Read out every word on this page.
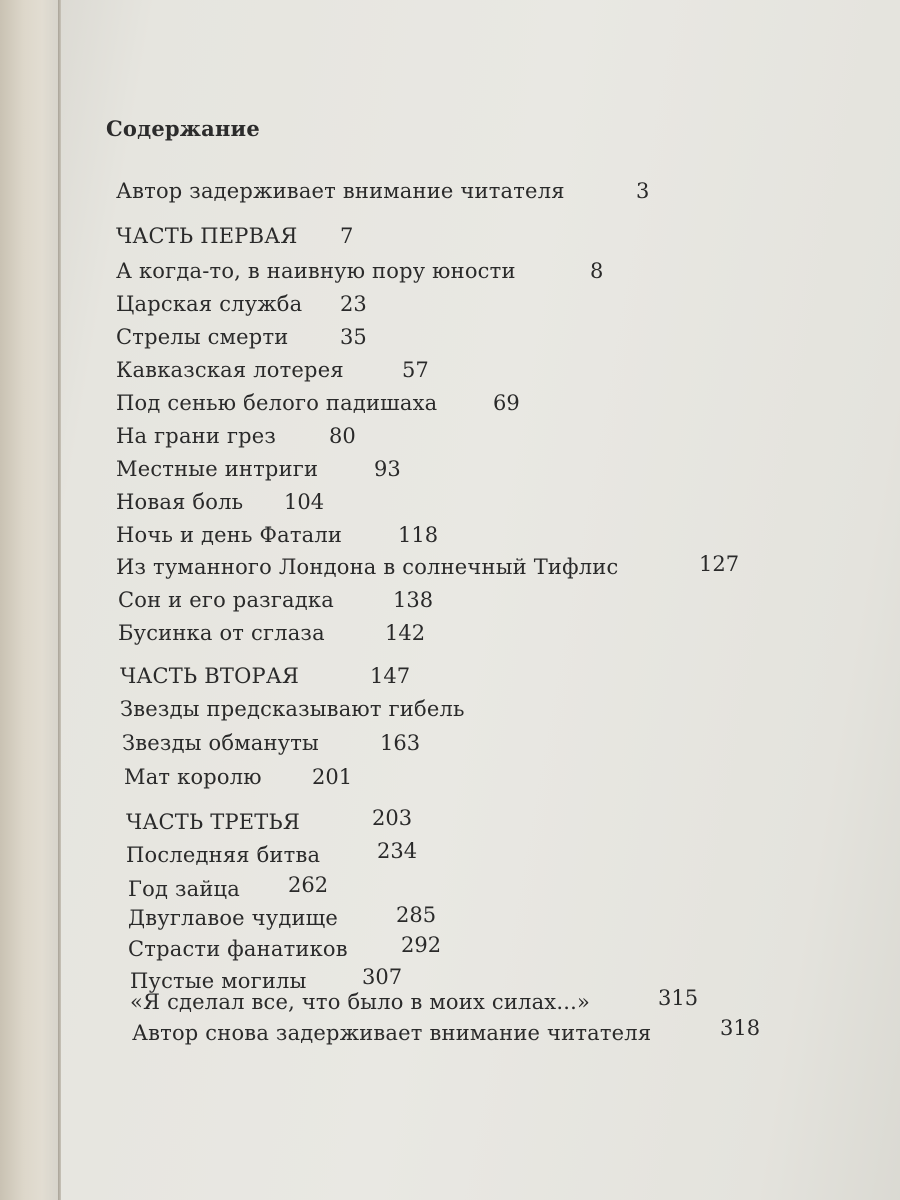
Содержание
Автор задерживает внимание читателя	3
ЧАСТЬ ПЕРВАЯ 7
А когда-то, в наивную пору юности	8
Царская служба 23
Стрелы смерти 35
Кавказская лотерея	57
Под сенью белого падишаха	69
На грани грез	80
Местные интриги	93
Новая боль 104
Ночь и день Фатали	118
Из туманного Лондона в солнечный Тифлис	127
Сон и его разгадка	138
Бусинка от сглаза	142
ЧАСТЬ ВТОРАЯ	147
Звезды предсказывают гибель
Звезды обмануты	163
Мат королю 201
ЧАСТЬ ТРЕТЬЯ	203
Последняя битва	234
Год зайца 262
Двуглавое чудище	285
Страсти фанатиков	292
Пустые могилы	307
«Я сделал все, что было в моих силах...»	315
Автор снова задерживает внимание читателя	318
